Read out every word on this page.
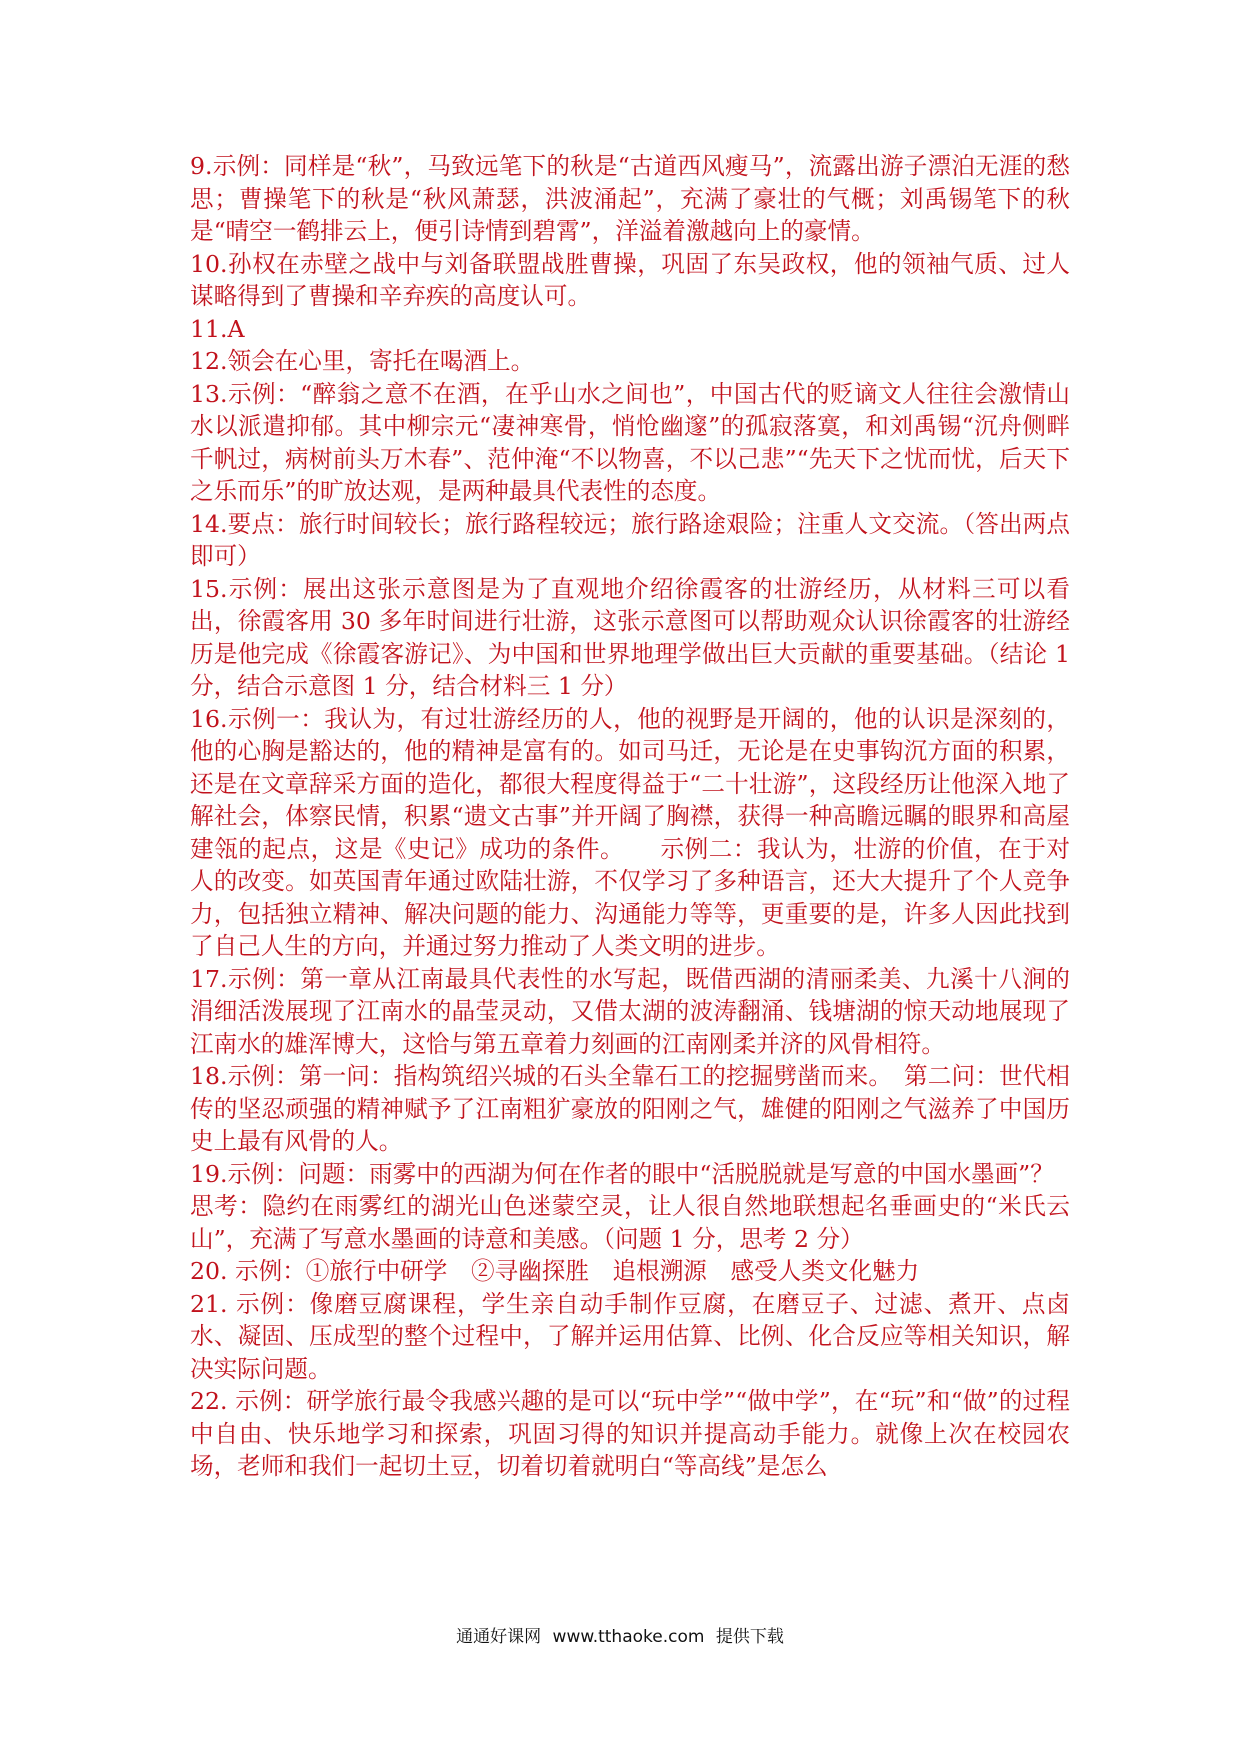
9.示例：同样是“秋”，马致远笔下的秋是“古道西风瘦马”，流露出游子漂泊无涯的愁思；曹操笔下的秋是“秋风萧瑟，洪波涌起”，充满了豪壮的气概；刘禹锡笔下的秋是“晴空一鹤排云上，便引诗情到碧霄”，洋溢着激越向上的豪情。

10.孙权在赤壁之战中与刘备联盟战胜曹操，巩固了东吴政权，他的领袖气质、过人谋略得到了曹操和辛弃疾的高度认可。

11.A

12.领会在心里，寄托在喝酒上。

13.示例：“醉翁之意不在酒，在乎山水之间也”，中国古代的贬谪文人往往会激情山水以派遣抑郁。其中柳宗元“凄神寒骨，悄怆幽邃”的孤寂落寞，和刘禹锡“沉舟侧畔千帆过，病树前头万木春”、范仲淹“不以物喜，不以己悲”“先天下之忧而忧，后天下之乐而乐”的旷放达观，是两种最具代表性的态度。

14.要点：旅行时间较长；旅行路程较远；旅行路途艰险；注重人文交流。（答出两点即可）

15.示例：展出这张示意图是为了直观地介绍徐霞客的壮游经历，从材料三可以看出，徐霞客用 30 多年时间进行壮游，这张示意图可以帮助观众认识徐霞客的壮游经历是他完成《徐霞客游记》、为中国和世界地理学做出巨大贡献的重要基础。（结论 1 分，结合示意图 1 分，结合材料三 1 分）

16.示例一：我认为，有过壮游经历的人，他的视野是开阔的，他的认识是深刻的，他的心胸是豁达的，他的精神是富有的。如司马迁，无论是在史事钩沉方面的积累，还是在文章辞采方面的造化，都很大程度得益于“二十壮游”，这段经历让他深入地了解社会，体察民情，积累“遗文古事”并开阔了胸襟，获得一种高瞻远瞩的眼界和高屋建瓴的起点，这是《史记》成功的条件。　　示例二：我认为，壮游的价值，在于对人的改变。如英国青年通过欧陆壮游，不仅学习了多种语言，还大大提升了个人竞争力，包括独立精神、解决问题的能力、沟通能力等等，更重要的是，许多人因此找到了自己人生的方向，并通过努力推动了人类文明的进步。

17.示例：第一章从江南最具代表性的水写起，既借西湖的清丽柔美、九溪十八涧的涓细活泼展现了江南水的晶莹灵动，又借太湖的波涛翻涌、钱塘湖的惊天动地展现了江南水的雄浑博大，这恰与第五章着力刻画的江南刚柔并济的风骨相符。

18.示例：第一问：指构筑绍兴城的石头全靠石工的挖掘劈凿而来。　第二问：世代相传的坚忍顽强的精神赋予了江南粗犷豪放的阳刚之气，雄健的阳刚之气滋养了中国历史上最有风骨的人。

19.示例：问题：雨雾中的西湖为何在作者的眼中“活脱脱就是写意的中国水墨画”？

思考：隐约在雨雾红的湖光山色迷蒙空灵，让人很自然地联想起名垂画史的“米氏云山”，充满了写意水墨画的诗意和美感。（问题 1 分，思考 2 分）

20. 示例：①旅行中研学　②寻幽探胜　追根溯源　感受人类文化魅力

21. 示例：像磨豆腐课程，学生亲自动手制作豆腐，在磨豆子、过滤、煮开、点卤水、凝固、压成型的整个过程中，了解并运用估算、比例、化合反应等相关知识，解决实际问题。

22. 示例：研学旅行最令我感兴趣的是可以“玩中学”“做中学”，在“玩”和“做”的过程中自由、快乐地学习和探索，巩固习得的知识并提高动手能力。就像上次在校园农场，老师和我们一起切土豆，切着切着就明白“等高线”是怎么

通通好课网 www.tthaoke.com 提供下载
